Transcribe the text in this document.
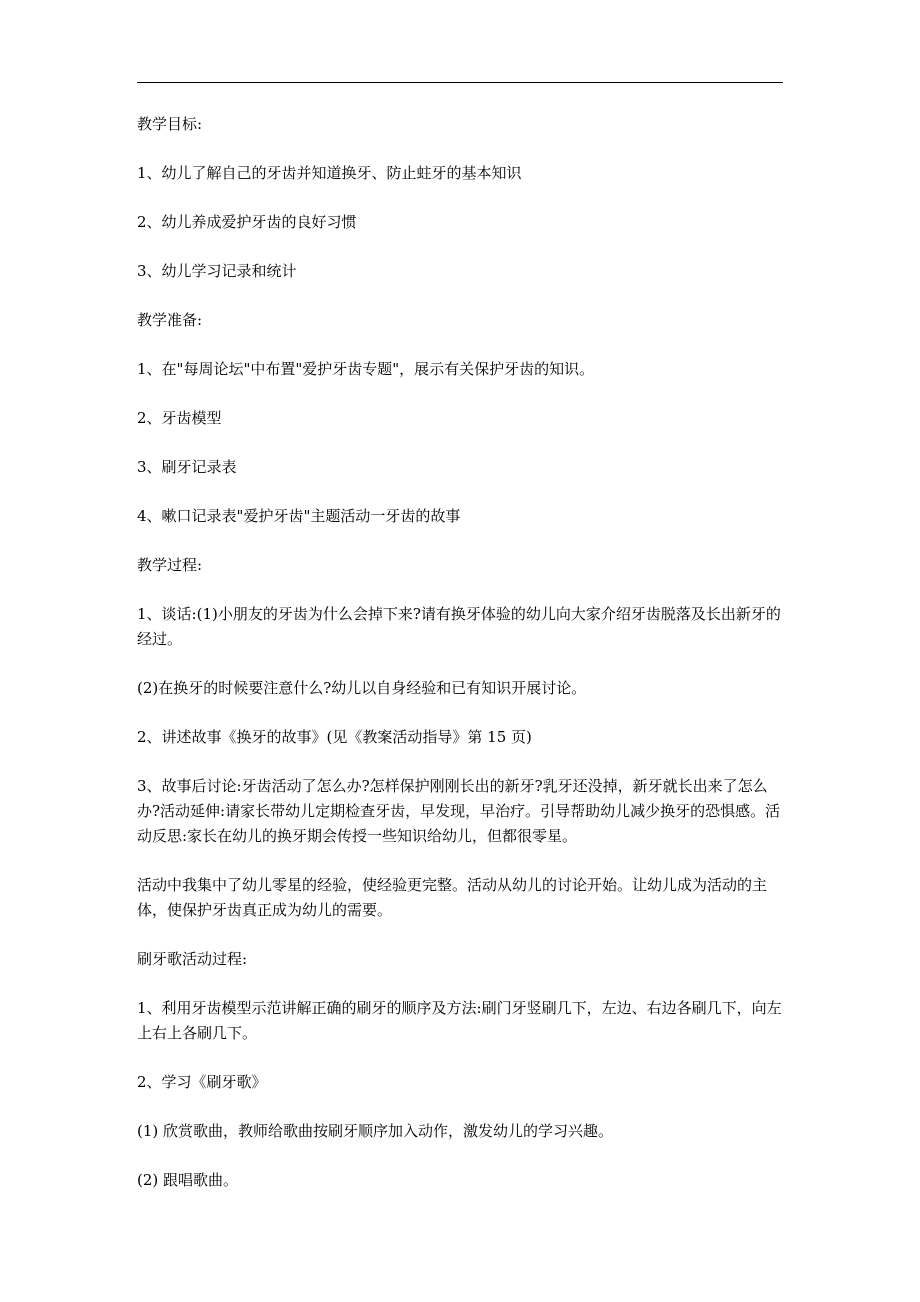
教学目标:

1、幼儿了解自己的牙齿并知道换牙、防止蛀牙的基本知识

2、幼儿养成爱护牙齿的良好习惯

3、幼儿学习记录和统计

教学准备:

1、在"每周论坛"中布置"爱护牙齿专题"，展示有关保护牙齿的知识。

2、牙齿模型

3、刷牙记录表

4、嗽口记录表"爱护牙齿"主题活动一牙齿的故事

教学过程:

1、谈话:(1)小朋友的牙齿为什么会掉下来?请有换牙体验的幼儿向大家介绍牙齿脱落及长出新牙的经过。

(2)在换牙的时候要注意什么?幼儿以自身经验和已有知识开展讨论。

2、讲述故事《换牙的故事》(见《教案活动指导》第 15 页)

3、故事后讨论:牙齿活动了怎么办?怎样保护刚刚长出的新牙?乳牙还没掉，新牙就长出来了怎么办?活动延伸:请家长带幼儿定期检查牙齿，早发现，早治疗。引导帮助幼儿减少换牙的恐惧感。活动反思:家长在幼儿的换牙期会传授一些知识给幼儿，但都很零星。

活动中我集中了幼儿零星的经验，使经验更完整。活动从幼儿的讨论开始。让幼儿成为活动的主体，使保护牙齿真正成为幼儿的需要。

刷牙歌活动过程:

1、利用牙齿模型示范讲解正确的刷牙的顺序及方法:刷门牙竖刷几下，左边、右边各刷几下，向左上右上各刷几下。

2、学习《刷牙歌》

(1) 欣赏歌曲，教师给歌曲按刷牙顺序加入动作，激发幼儿的学习兴趣。

(2) 跟唱歌曲。
